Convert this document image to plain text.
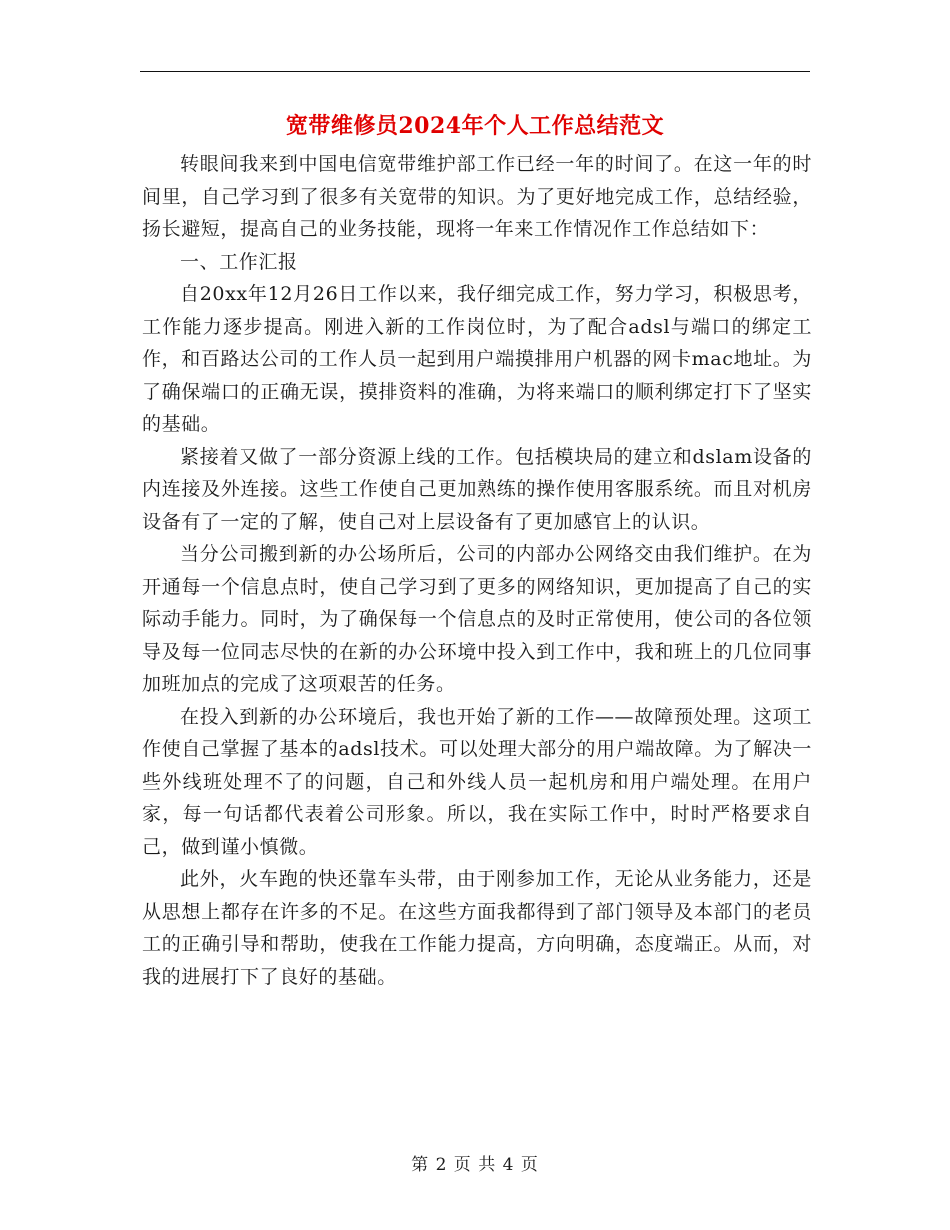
宽带维修员2024年个人工作总结范文

转眼间我来到中国电信宽带维护部工作已经一年的时间了。在这一年的时间里，自己学习到了很多有关宽带的知识。为了更好地完成工作，总结经验，扬长避短，提高自己的业务技能，现将一年来工作情况作工作总结如下：

一、工作汇报

自20xx年12月26日工作以来，我仔细完成工作，努力学习，积极思考，工作能力逐步提高。刚进入新的工作岗位时，为了配合adsl与端口的绑定工作，和百路达公司的工作人员一起到用户端摸排用户机器的网卡mac地址。为了确保端口的正确无误，摸排资料的准确，为将来端口的顺利绑定打下了坚实的基础。

紧接着又做了一部分资源上线的工作。包括模块局的建立和dslam设备的内连接及外连接。这些工作使自己更加熟练的操作使用客服系统。而且对机房设备有了一定的了解，使自己对上层设备有了更加感官上的认识。

当分公司搬到新的办公场所后，公司的内部办公网络交由我们维护。在为开通每一个信息点时，使自己学习到了更多的网络知识，更加提高了自己的实际动手能力。同时，为了确保每一个信息点的及时正常使用，使公司的各位领导及每一位同志尽快的在新的办公环境中投入到工作中，我和班上的几位同事加班加点的完成了这项艰苦的任务。

在投入到新的办公环境后，我也开始了新的工作——故障预处理。这项工作使自己掌握了基本的adsl技术。可以处理大部分的用户端故障。为了解决一些外线班处理不了的问题，自己和外线人员一起机房和用户端处理。在用户家，每一句话都代表着公司形象。所以，我在实际工作中，时时严格要求自己，做到谨小慎微。

此外，火车跑的快还靠车头带，由于刚参加工作，无论从业务能力，还是从思想上都存在许多的不足。在这些方面我都得到了部门领导及本部门的老员工的正确引导和帮助，使我在工作能力提高，方向明确，态度端正。从而，对我的进展打下了良好的基础。

第 2 页 共 4 页
